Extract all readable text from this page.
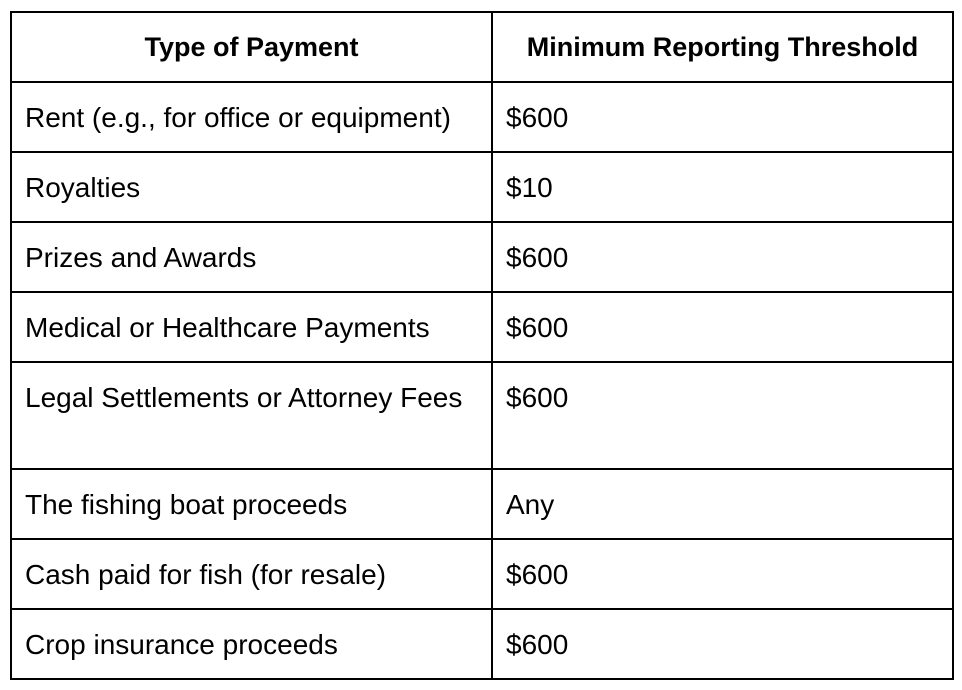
Type of Payment	Minimum Reporting Threshold
Rent (e.g., for office or equipment)	$600
Royalties	$10
Prizes and Awards	$600
Medical or Healthcare Payments	$600
Legal Settlements or Attorney Fees	$600
The fishing boat proceeds	Any
Cash paid for fish (for resale)	$600
Crop insurance proceeds	$600
